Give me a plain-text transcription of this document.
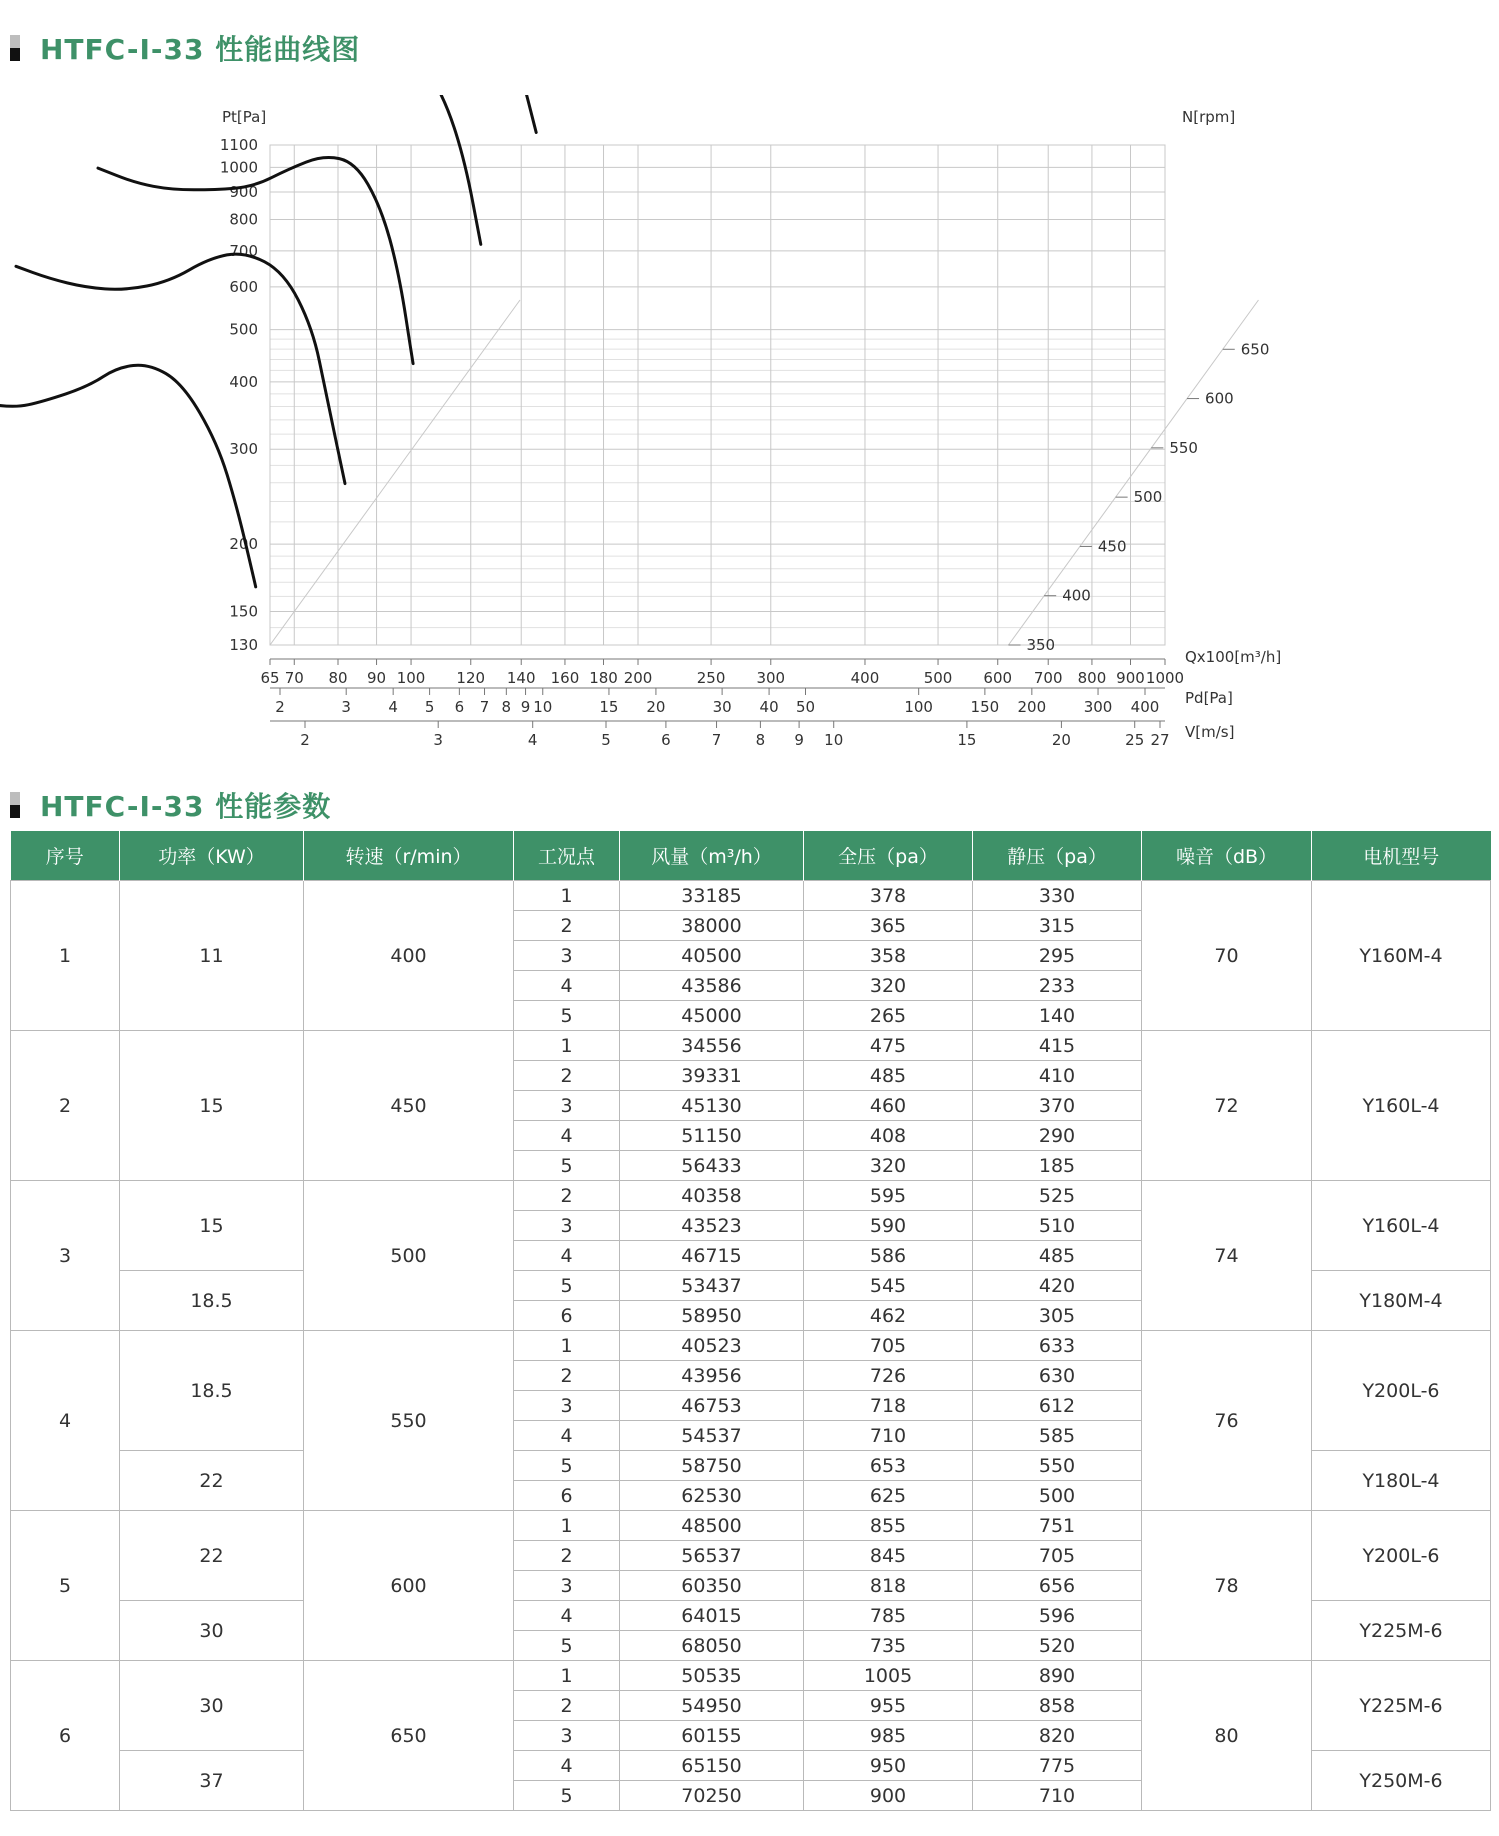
HTFC-I-33 性能曲线图
130
150
200
300
400
500
600
700
800
900
1000
1100
Pt[Pa]	N[rpm]
65 70 80 90 100 120 140 160 180 200	250 300	400	500 600 700 800 900 1000
Qx100[m³/h]
2	3 4 5 6 7 8 9 10	15 20	30 40 50	100	150 200	300 400 Pd[Pa]
2	3	4	5	6	7 8 9 10	15	20	25 27 V[m/s]
350
400
450
500
550
600
650
HTFC-I-33 性能参数
序号	功率（KW）	转速（r/min）	工况点	风量（m³/h）	全压（pa）	静压（pa）	噪音（dB）	电机型号
1	11	400	1	33185	378	330	70	Y160M-4
			2	38000	365	315		
			3	40500	358	295		
			4	43586	320	233		
			5	45000	265	140		
2	15	450	1	34556	475	415	72	Y160L-4
			2	39331	485	410		
			3	45130	460	370		
			4	51150	408	290		
			5	56433	320	185		
3	15	500	2	40358	595	525	74	Y160L-4
			3	43523	590	510		
			4	46715	586	485		
	18.5		5	53437	545	420		Y180M-4
			6	58950	462	305		
4	18.5	550	1	40523	705	633	76	Y200L-6
			2	43956	726	630		
			3	46753	718	612		
			4	54537	710	585		
	22		5	58750	653	550		Y180L-4
			6	62530	625	500		
5	22	600	1	48500	855	751	78	Y200L-6
			2	56537	845	705		
			3	60350	818	656		
	30		4	64015	785	596		Y225M-6
			5	68050	735	520		
6	30	650	1	50535	1005	890	80	Y225M-6
			2	54950	955	858		
			3	60155	985	820		
	37		4	65150	950	775		Y250M-6
			5	70250	900	710		
